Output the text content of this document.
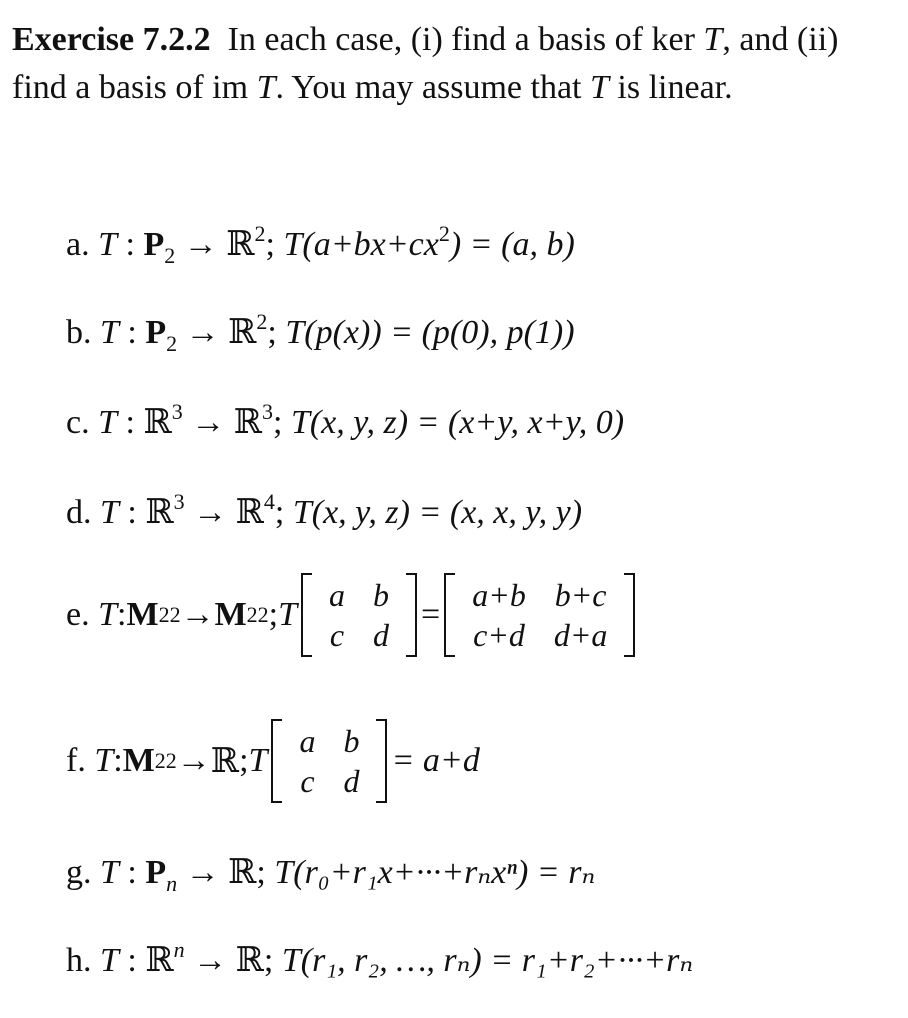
Exercise 7.2.2 In each case, (i) find a basis of ker T, and (ii) find a basis of im T. You may assume that T is linear.
a. T : $P_2$ → ℝ$^2$; $T(a+bx+cx^2) = (a$, b)
b. T : $P_2$ → ℝ$^2$; T(p(x)) = (p(0), p(1))
c. T : ℝ$^3$ → ℝ$^3$; T(x, y, z) = (x+y, x+y, 0)
d. T : ℝ$^3$ → ℝ$^4$; T(x, y, z) = (x, x, y, y)
e.
T : M 22 → M 22 ; T
a	b
c	d
=
a+b	b+c
c+d	d+a
f.
T : M 22 → ℝ ; T
a	b
c	d
= a+d
g. T : $P_n$ → ℝ; T(r₀+r₁x+···+rₙxⁿ) = rₙ
h. T : ℝ$^n$ → ℝ; T(r₁, r₂, …, rₙ) = r₁+r₂+···+rₙ
